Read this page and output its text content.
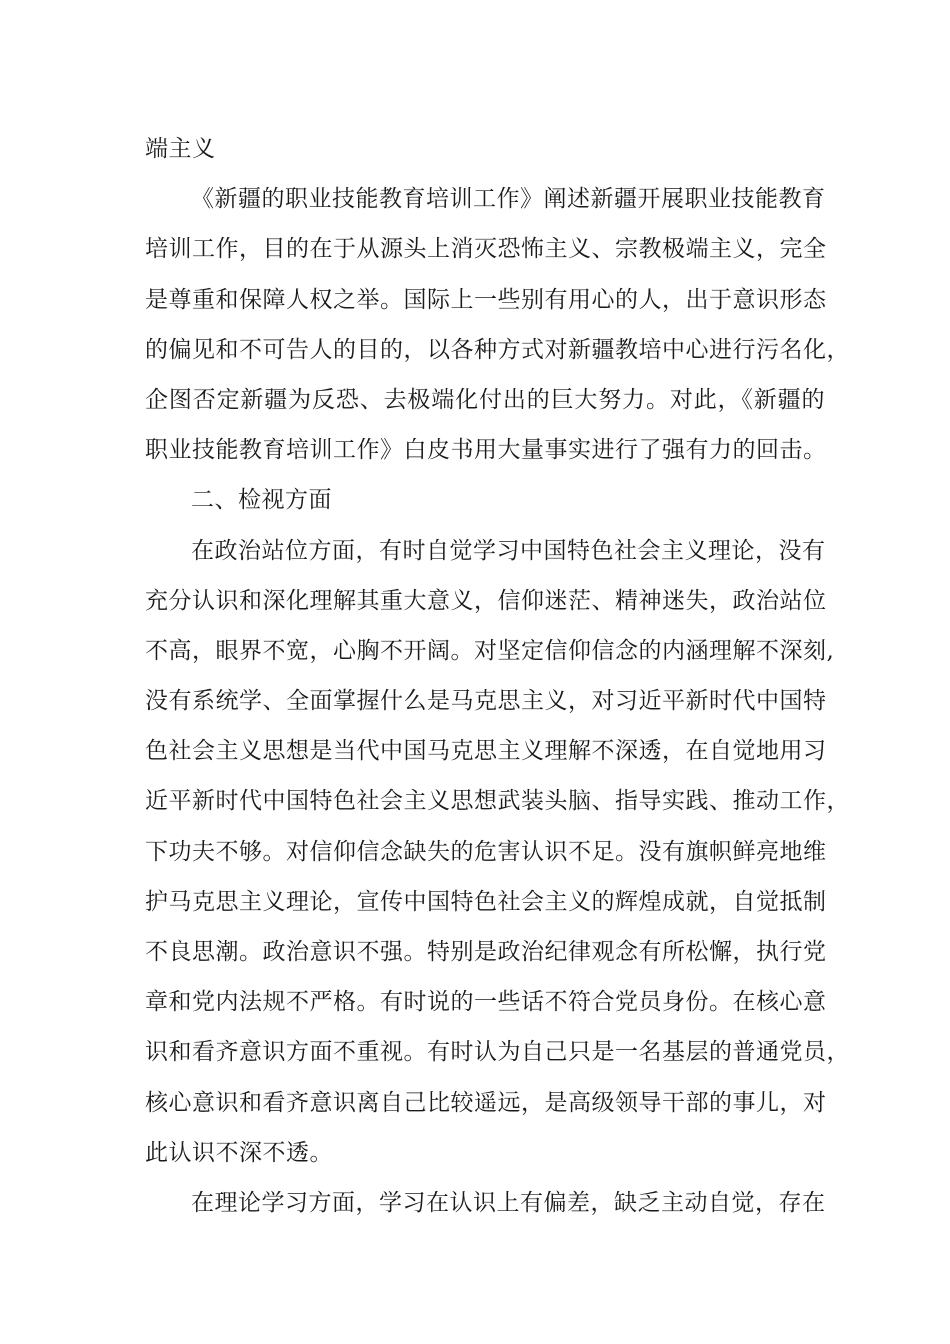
端主义
《新疆的职业技能教育培训工作》阐述新疆开展职业技能教育
培训工作，目的在于从源头上消灭恐怖主义、宗教极端主义，完全
是尊重和保障人权之举。国际上一些别有用心的人，出于意识形态
的偏见和不可告人的目的，以各种方式对新疆教培中心进行污名化，
企图否定新疆为反恐、去极端化付出的巨大努力。对此，《新疆的
职业技能教育培训工作》白皮书用大量事实进行了强有力的回击。
二、检视方面
在政治站位方面，有时自觉学习中国特色社会主义理论，没有
充分认识和深化理解其重大意义，信仰迷茫、精神迷失，政治站位
不高，眼界不宽，心胸不开阔。对坚定信仰信念的内涵理解不深刻,
没有系统学、全面掌握什么是马克思主义，对习近平新时代中国特
色社会主义思想是当代中国马克思主义理解不深透，在自觉地用习
近平新时代中国特色社会主义思想武装头脑、指导实践、推动工作，
下功夫不够。对信仰信念缺失的危害认识不足。没有旗帜鲜亮地维
护马克思主义理论，宣传中国特色社会主义的辉煌成就，自觉抵制
不良思潮。政治意识不强。特别是政治纪律观念有所松懈，执行党
章和党内法规不严格。有时说的一些话不符合党员身份。在核心意
识和看齐意识方面不重视。有时认为自己只是一名基层的普通党员，
核心意识和看齐意识离自己比较遥远，是高级领导干部的事儿，对
此认识不深不透。
在理论学习方面，学习在认识上有偏差，缺乏主动自觉，存在
